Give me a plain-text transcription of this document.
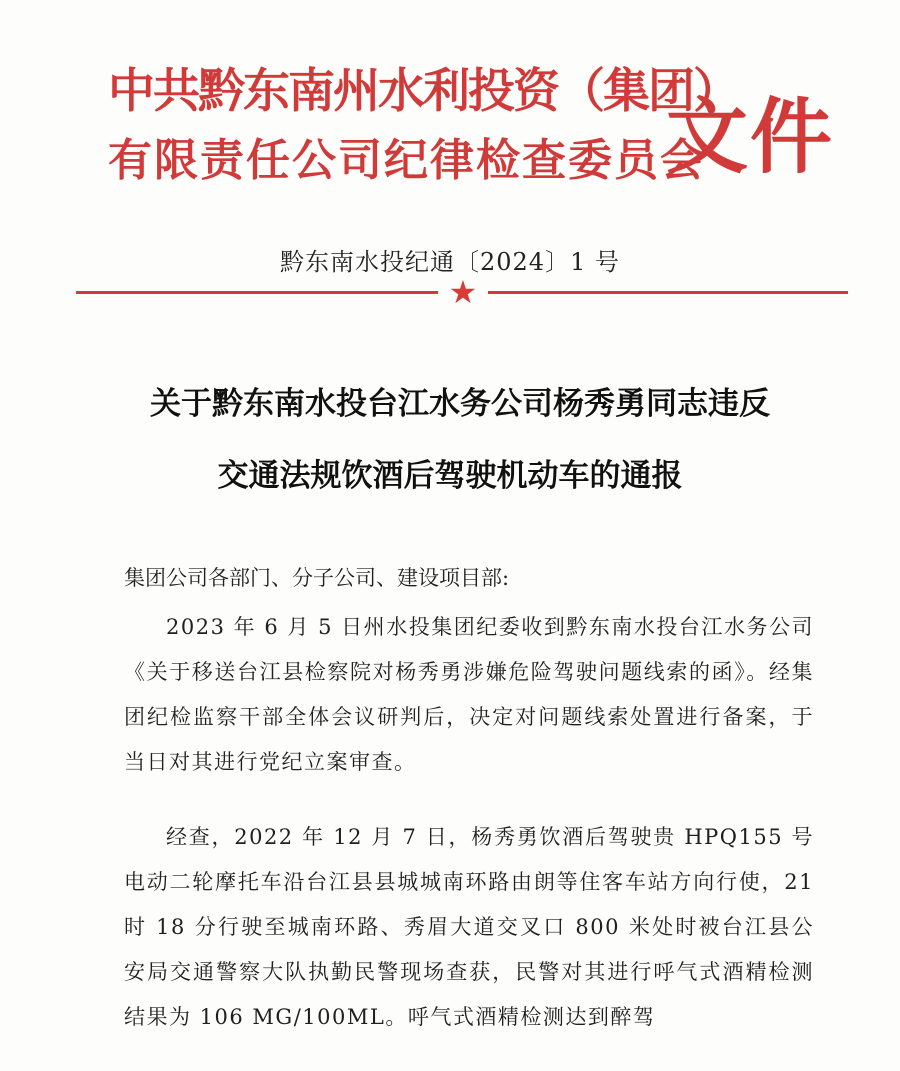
中共黔东南州水利投资（集团）
有限责任公司纪律检查委员会
文件
黔东南水投纪通〔2024〕1 号
★
关于黔东南水投台江水务公司杨秀勇同志违反
交通法规饮酒后驾驶机动车的通报
集团公司各部门、分子公司、建设项目部:
2023 年 6 月 5 日州水投集团纪委收到黔东南水投台江水务公司《关于移送台江县检察院对杨秀勇涉嫌危险驾驶问题线索的函》。经集团纪检监察干部全体会议研判后，决定对问题线索处置进行备案，于当日对其进行党纪立案审查。
经查，2022 年 12 月 7 日，杨秀勇饮酒后驾驶贵 HPQ155 号电动二轮摩托车沿台江县县城城南环路由朗等住客车站方向行使，21 时 18 分行驶至城南环路、秀眉大道交叉口 800 米处时被台江县公安局交通警察大队执勤民警现场查获，民警对其进行呼气式酒精检测结果为 106 MG/100ML。呼气式酒精检测达到醉驾
